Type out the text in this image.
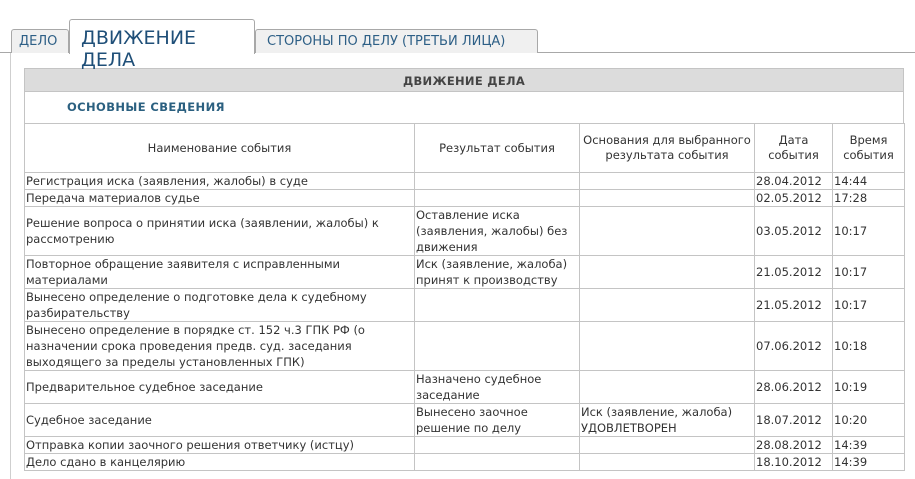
ДЕЛО	ДВИЖЕНИЕ ДЕЛА
СТОРОНЫ ПО ДЕЛУ (ТРЕТЬИ ЛИЦА)
ДВИЖЕНИЕ ДЕЛА
ОСНОВНЫЕ СВЕДЕНИЯ
Наименование события	Результат события	Основания для выбранного результата события	Дата события	Время события
Регистрация иска (заявления, жалобы) в суде			28.04.2012	14:44
Передача материалов судье			02.05.2012	17:28
Решение вопроса о принятии иска (заявлении, жалобы) к рассмотрению	Оставление иска (заявления, жалобы) без движения		03.05.2012	10:17
Повторное обращение заявителя с исправленными материалами	Иск (заявление, жалоба) принят к производству		21.05.2012	10:17
Вынесено определение о подготовке дела к судебному разбирательству			21.05.2012	10:17
Вынесено определение в порядке ст. 152 ч.3 ГПК РФ (о назначении срока проведения предв. суд. заседания выходящего за пределы установленных ГПК)			07.06.2012	10:18
Предварительное судебное заседание	Назначено судебное заседание		28.06.2012	10:19
Судебное заседание	Вынесено заочное решение по делу	Иск (заявление, жалоба) УДОВЛЕТВОРЕН	18.07.2012	10:20
Отправка копии заочного решения ответчику (истцу)			28.08.2012	14:39
Дело сдано в канцелярию			18.10.2012	14:39
